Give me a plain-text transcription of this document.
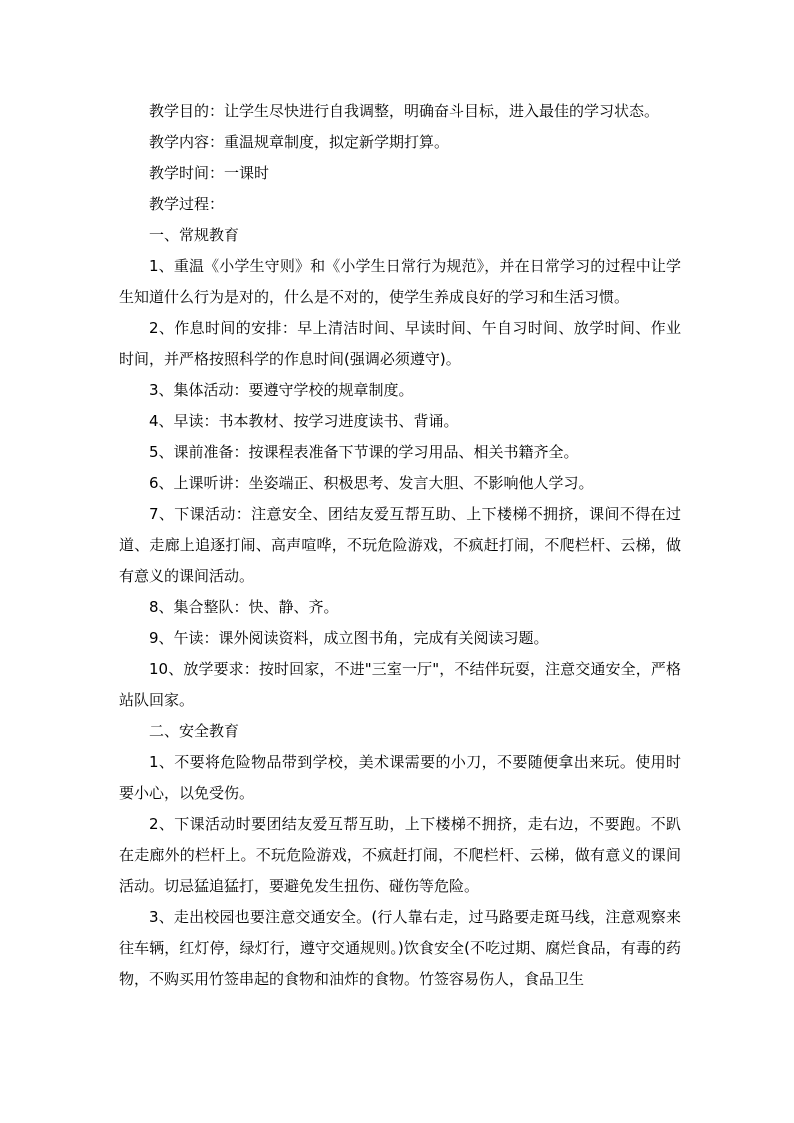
教学目的：让学生尽快进行自我调整，明确奋斗目标，进入最佳的学习状态。

教学内容：重温规章制度，拟定新学期打算。

教学时间：一课时

教学过程：

一、常规教育

1、重温《小学生守则》和《小学生日常行为规范》，并在日常学习的过程中让学生知道什么行为是对的，什么是不对的，使学生养成良好的学习和生活习惯。

2、作息时间的安排：早上清洁时间、早读时间、午自习时间、放学时间、作业时间，并严格按照科学的作息时间(强调必须遵守)。

3、集体活动：要遵守学校的规章制度。

4、早读：书本教材、按学习进度读书、背诵。

5、课前准备：按课程表准备下节课的学习用品、相关书籍齐全。

6、上课听讲：坐姿端正、积极思考、发言大胆、不影响他人学习。

7、下课活动：注意安全、团结友爱互帮互助、上下楼梯不拥挤，课间不得在过道、走廊上追逐打闹、高声喧哗，不玩危险游戏，不疯赶打闹，不爬栏杆、云梯，做有意义的课间活动。

8、集合整队：快、静、齐。

9、午读：课外阅读资料，成立图书角，完成有关阅读习题。

10、放学要求：按时回家，不进"三室一厅"，不结伴玩耍，注意交通安全，严格站队回家。

二、安全教育

1、不要将危险物品带到学校，美术课需要的小刀，不要随便拿出来玩。使用时要小心，以免受伤。

2、下课活动时要团结友爱互帮互助，上下楼梯不拥挤，走右边，不要跑。不趴在走廊外的栏杆上。不玩危险游戏，不疯赶打闹，不爬栏杆、云梯，做有意义的课间活动。切忌猛追猛打，要避免发生扭伤、碰伤等危险。

3、走出校园也要注意交通安全。(行人靠右走，过马路要走斑马线，注意观察来往车辆，红灯停，绿灯行，遵守交通规则。)饮食安全(不吃过期、腐烂食品，有毒的药物，不购买用竹签串起的食物和油炸的食物。竹签容易伤人，食品卫生
